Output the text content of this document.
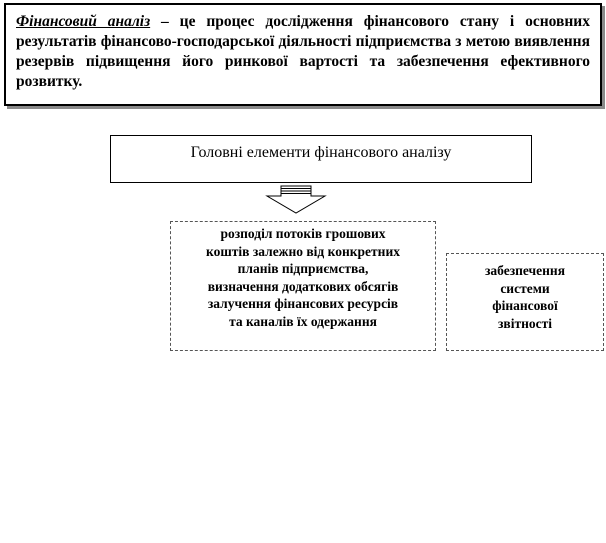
Фінансовий аналіз – це процес дослідження фінансового стану і основних результатів фінансово-господарської діяльності підприємства з метою виявлення резервів підвищення його ринкової вартості та забезпечення ефективного розвитку.
Головні елементи фінансового аналізу
розподіл потоків грошових
коштів залежно від конкретних
планів підприємства,
визначення додаткових обсягів
залучення фінансових ресурсів
та каналів їх одержання
забезпечення
системи
фінансової
звітності
